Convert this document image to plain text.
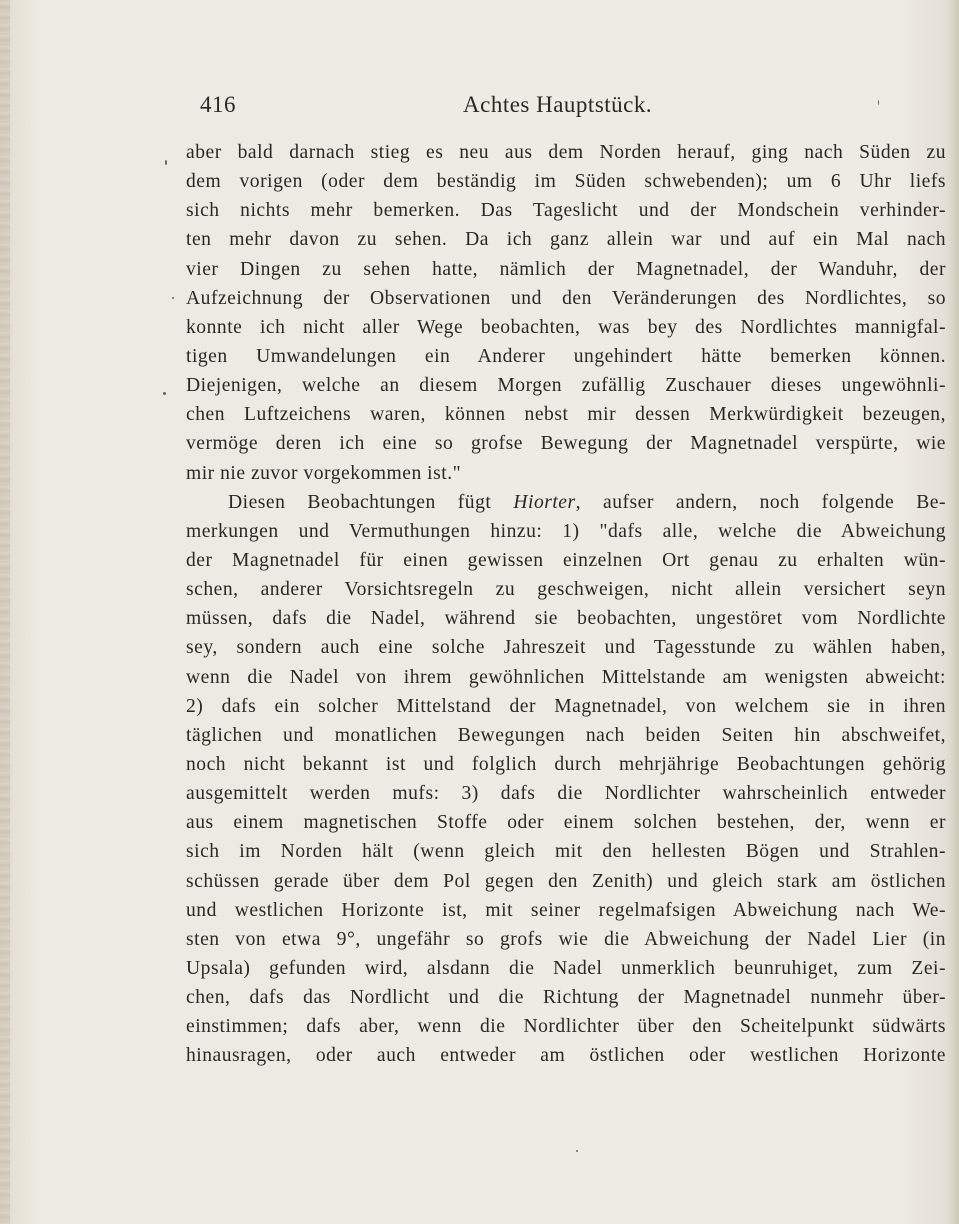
416	Achtes Hauptstück.
aber bald darnach stieg es neu aus dem Norden herauf, ging nach Süden zu
dem vorigen (oder dem beständig im Süden schwebenden); um 6 Uhr liefs
sich nichts mehr bemerken. Das Tageslicht und der Mondschein verhinder-
ten mehr davon zu sehen. Da ich ganz allein war und auf ein Mal nach
vier Dingen zu sehen hatte, nämlich der Magnetnadel, der Wanduhr, der
Aufzeichnung der Observationen und den Veränderungen des Nordlichtes, so
konnte ich nicht aller Wege beobachten, was bey des Nordlichtes mannigfal-
tigen Umwandelungen ein Anderer ungehindert hätte bemerken können.
Diejenigen, welche an diesem Morgen zufällig Zuschauer dieses ungewöhnli-
chen Luftzeichens waren, können nebst mir dessen Merkwürdigkeit bezeugen,
vermöge deren ich eine so grofse Bewegung der Magnetnadel verspürte, wie
mir nie zuvor vorgekommen ist."
Diesen Beobachtungen fügt Hiorter, aufser andern, noch folgende Be-
merkungen und Vermuthungen hinzu: 1) "dafs alle, welche die Abweichung
der Magnetnadel für einen gewissen einzelnen Ort genau zu erhalten wün-
schen, anderer Vorsichtsregeln zu geschweigen, nicht allein versichert seyn
müssen, dafs die Nadel, während sie beobachten, ungestöret vom Nordlichte
sey, sondern auch eine solche Jahreszeit und Tagesstunde zu wählen haben,
wenn die Nadel von ihrem gewöhnlichen Mittelstande am wenigsten abweicht:
2) dafs ein solcher Mittelstand der Magnetnadel, von welchem sie in ihren
täglichen und monatlichen Bewegungen nach beiden Seiten hin abschweifet,
noch nicht bekannt ist und folglich durch mehrjährige Beobachtungen gehörig
ausgemittelt werden mufs: 3) dafs die Nordlichter wahrscheinlich entweder
aus einem magnetischen Stoffe oder einem solchen bestehen, der, wenn er
sich im Norden hält (wenn gleich mit den hellesten Bögen und Strahlen-
schüssen gerade über dem Pol gegen den Zenith) und gleich stark am östlichen
und westlichen Horizonte ist, mit seiner regelmafsigen Abweichung nach We-
sten von etwa 9°, ungefähr so grofs wie die Abweichung der Nadel Lier (in
Upsala) gefunden wird, alsdann die Nadel unmerklich beunruhiget, zum Zei-
chen, dafs das Nordlicht und die Richtung der Magnetnadel nunmehr über-
einstimmen; dafs aber, wenn die Nordlichter über den Scheitelpunkt südwärts
hinausragen, oder auch entweder am östlichen oder westlichen Horizonte
